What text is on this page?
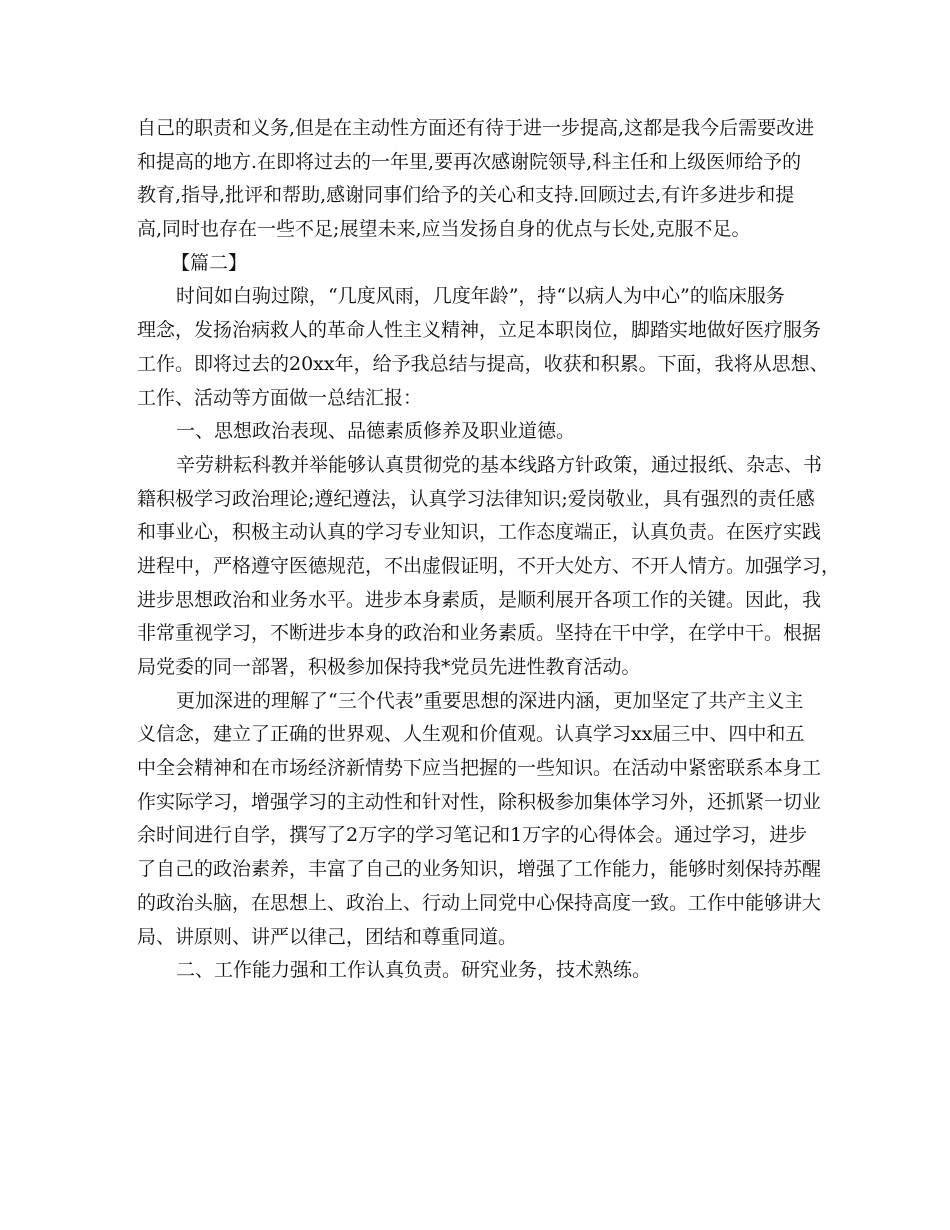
自己的职责和义务,但是在主动性方面还有待于进一步提高,这都是我今后需要改进
和提高的地方.在即将过去的一年里,要再次感谢院领导,科主任和上级医师给予的
教育,指导,批评和帮助,感谢同事们给予的关心和支持.回顾过去,有许多进步和提
高,同时也存在一些不足;展望未来,应当发扬自身的优点与长处,克服不足。
【篇二】
时间如白驹过隙，“几度风雨，几度年龄”，持“以病人为中心”的临床服务
理念，发扬治病救人的革命人性主义精神，立足本职岗位，脚踏实地做好医疗服务
工作。即将过去的20xx年，给予我总结与提高，收获和积累。下面，我将从思想、
工作、活动等方面做一总结汇报：
一、思想政治表现、品德素质修养及职业道德。
辛劳耕耘科教并举能够认真贯彻党的基本线路方针政策，通过报纸、杂志、书
籍积极学习政治理论;遵纪遵法，认真学习法律知识;爱岗敬业，具有强烈的责任感
和事业心，积极主动认真的学习专业知识，工作态度端正，认真负责。在医疗实践
进程中，严格遵守医德规范，不出虚假证明，不开大处方、不开人情方。加强学习，
进步思想政治和业务水平。进步本身素质，是顺利展开各项工作的关键。因此，我
非常重视学习，不断进步本身的政治和业务素质。坚持在干中学，在学中干。根据
局党委的同一部署，积极参加保持我*党员先进性教育活动。
更加深进的理解了“三个代表”重要思想的深进内涵，更加坚定了共产主义主
义信念，建立了正确的世界观、人生观和价值观。认真学习xx届三中、四中和五
中全会精神和在市场经济新情势下应当把握的一些知识。在活动中紧密联系本身工
作实际学习，增强学习的主动性和针对性，除积极参加集体学习外，还抓紧一切业
余时间进行自学，撰写了2万字的学习笔记和1万字的心得体会。通过学习，进步
了自己的政治素养，丰富了自己的业务知识，增强了工作能力，能够时刻保持苏醒
的政治头脑，在思想上、政治上、行动上同党中心保持高度一致。工作中能够讲大
局、讲原则、讲严以律己，团结和尊重同道。
二、工作能力强和工作认真负责。研究业务，技术熟练。
